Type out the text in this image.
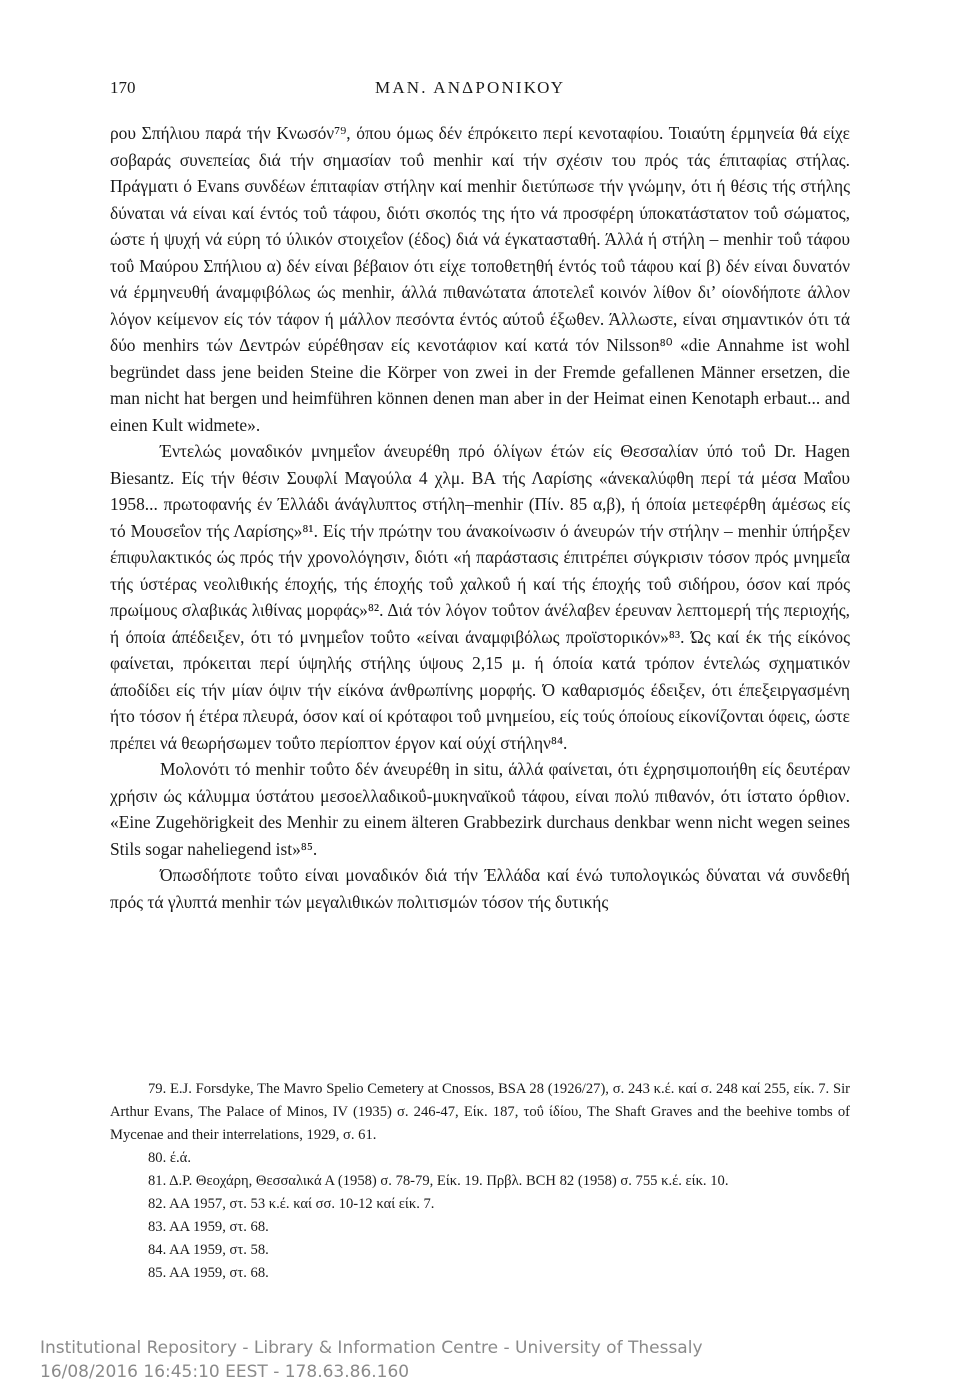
170	ΜΑΝ. ΑΝΔΡΟΝΙΚΟΥ

ρου Σπήλιου παρά τήν Κνωσόν⁷⁹, όπου όμως δέν έπρόκειτο περί κενοταφίου. Τοιαύτη έρμηνεία θά είχε σοβαράς συνεπείας διά τήν σημασίαν τοΰ menhir καί τήν σχέσιν του πρός τάς έπιταφίας στήλας. Πράγματι ό Evans συνδέων έπιταφίαν στήλην καί menhir διετύπωσε τήν γνώμην, ότι ή θέσις τής στήλης δύναται νά είναι καί έντός τοΰ τάφου, διότι σκοπός της ήτο νά προσφέρη ύποκατάστατον τοΰ σώματος, ώστε ή ψυχή νά εύρη τό ύλικόν στοιχεΐον (έδος) διά νά έγκατασταθή. Άλλά ή στήλη – menhir τοΰ τάφου τοΰ Μαύρου Σπήλιου α) δέν είναι βέβαιον ότι είχε τοποθετηθή έντός τοΰ τάφου καί β) δέν είναι δυνατόν νά έρμηνευθή άναμφιβόλως ώς menhir, άλλά πιθανώτατα άποτελεΐ κοινόν λίθον δι’ οίονδήποτε άλλον λόγον κείμενον είς τόν τάφον ή μάλλον πεσόντα έντός αύτοΰ έξωθεν. Άλλωστε, είναι σημαντικόν ότι τά δύο menhirs τών Δεντρών εύρέθησαν είς κενοτάφιον καί κατά τόν Nilsson⁸⁰ «die Annahme ist wohl begründet dass jene beiden Steine die Körper von zwei in der Fremde gefallenen Männer ersetzen, die man nicht hat bergen und heimführen können denen man aber in der Heimat einen Kenotaph erbaut... and einen Kult widmete».

Έντελώς μοναδικόν μνημεΐον άνευρέθη πρό όλίγων έτών είς Θεσσαλίαν ύπό τοΰ Dr. Hagen Biesantz. Είς τήν θέσιν Σουφλί Μαγούλα 4 χλμ. ΒΑ τής Λαρίσης «άνεκαλύφθη περί τά μέσα Μαΐου 1958... πρωτοφανής έν Έλλάδι άνάγλυπτος στήλη–menhir (Πίν. 85 α,β), ή όποία μετεφέρθη άμέσως είς τό Μουσεΐον τής Λαρίσης»⁸¹. Είς τήν πρώτην του άνακοίνωσιν ό άνευρών τήν στήλην – menhir ύπήρξεν έπιφυλακτικός ώς πρός τήν χρονολόγησιν, διότι «ή παράστασις έπιτρέπει σύγκρισιν τόσον πρός μνημεΐα τής ύστέρας νεολιθικής έποχής, τής έποχής τοΰ χαλκοΰ ή καί τής έποχής τοΰ σιδήρου, όσον καί πρός πρωίμους σλαβικάς λιθίνας μορφάς»⁸². Διά τόν λόγον τοΰτον άνέλαβεν έρευναν λεπτομερή τής περιοχής, ή όποία άπέδειξεν, ότι τό μνημεΐον τοΰτο «είναι άναμφιβόλως προϊστορικόν»⁸³. Ώς καί έκ τής είκόνος φαίνεται, πρόκειται περί ύψηλής στήλης ύψους 2,15 μ. ή όποία κατά τρόπον έντελώς σχηματικόν άποδίδει είς τήν μίαν όψιν τήν είκόνα άνθρωπίνης μορφής. Ό καθαρισμός έδειξεν, ότι έπεξειργασμένη ήτο τόσον ή έτέρα πλευρά, όσον καί οί κρόταφοι τοΰ μνημείου, είς τούς όποίους είκονίζονται όφεις, ώστε πρέπει νά θεωρήσωμεν τοΰτο περίοπτον έργον καί ούχί στήλην⁸⁴.

Μολονότι τό menhir τοΰτο δέν άνευρέθη in situ, άλλά φαίνεται, ότι έχρησιμοποιήθη είς δευτέραν χρήσιν ώς κάλυμμα ύστάτου μεσοελλαδικοΰ-μυκηναϊκοΰ τάφου, είναι πολύ πιθανόν, ότι ίστατο όρθιον. «Eine Zugehörigkeit des Menhir zu einem älteren Grabbezirk durchaus denkbar wenn nicht wegen seines Stils sogar naheliegend ist»⁸⁵.

Όπωσδήποτε τοΰτο είναι μοναδικόν διά τήν Έλλάδα καί ένώ τυπολογικώς δύναται νά συνδεθή πρός τά γλυπτά menhir τών μεγαλιθικών πολιτισμών τόσον τής δυτικής

79. E.J. Forsdyke, The Mavro Spelio Cemetery at Cnossos, BSA 28 (1926/27), σ. 243 κ.έ. καί σ. 248 καί 255, είκ. 7. Sir Arthur Evans, The Palace of Minos, IV (1935) σ. 246-47, Είκ. 187, τοΰ ίδίου, The Shaft Graves and the beehive tombs of Mycenae and their interrelations, 1929, σ. 61.

80. έ.ά.

81. Δ.Ρ. Θεοχάρη, Θεσσαλικά Α (1958) σ. 78-79, Είκ. 19. Πρβλ. BCH 82 (1958) σ. 755 κ.έ. είκ. 10.

82. ΑΑ 1957, στ. 53 κ.έ. καί σσ. 10-12 καί είκ. 7.

83. ΑΑ 1959, στ. 68.

84. ΑΑ 1959, στ. 58.

85. ΑΑ 1959, στ. 68.

Institutional Repository - Library & Information Centre - University of Thessaly
16/08/2016 16:45:10 EEST - 178.63.86.160
